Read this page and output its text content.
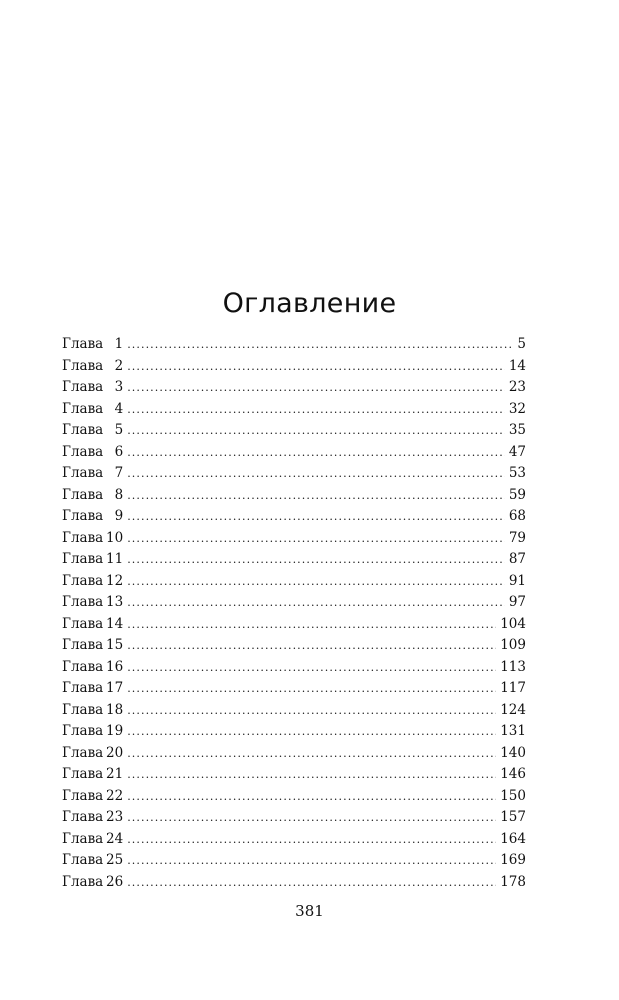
Оглавление
Глава 1 . . .	5
Глава 2 . . .	14
Глава 3 . . .	23
Глава 4 . . .	32
Глава 5 . . .	35
Глава 6 . . .	47
Глава 7 . . .	53
Глава 8 . . .	59
Глава 9 . . .	68
Глава 10 . . .	79
Глава 11 . . .	87
Глава 12 . . .	91
Глава 13 . . .	97
Глава 14 . . .	104
Глава 15 . . .	109
Глава 16 . . .	113
Глава 17 . . .	117
Глава 18 . . .	124
Глава 19 . . .	131
Глава 20 . . .	140
Глава 21 . . .	146
Глава 22 . . .	150
Глава 23 . . .	157
Глава 24 . . .	164
Глава 25 . . .	169
Глава 26 . . .	178
381
